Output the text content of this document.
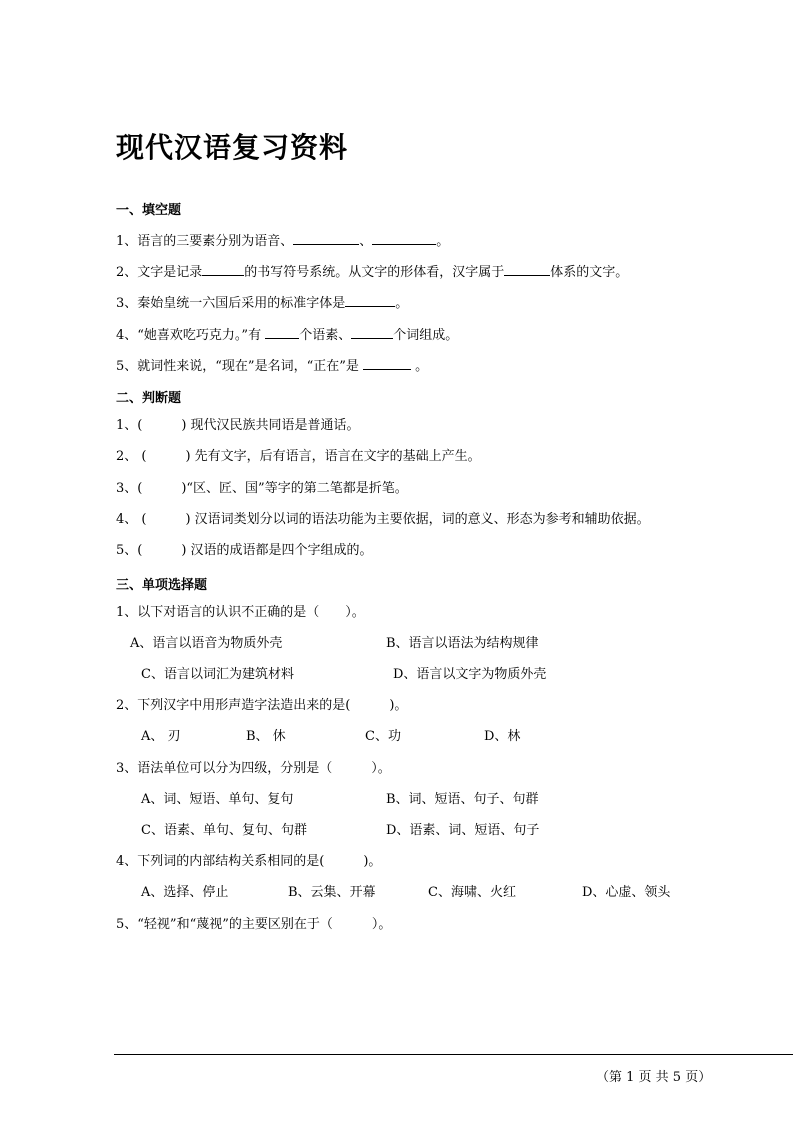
现代汉语复习资料
一、填空题
1、语言的三要素分别为语音、	、	。
2、文字是记录	的书写符号系统。从文字的形体看，汉字属于	体系的文字。
3、秦始皇统一六国后采用的标准字体是	。
4、“她喜欢吃巧克力。”有	个语素、	个词组成。
5、就词性来说，“现在”是名词，“正在”是	。
二、判断题
1、(　　　) 现代汉民族共同语是普通话。
2、 (　　　) 先有文字，后有语言，语言在文字的基础上产生。
3、(　　　)“区、匠、国”等字的第二笔都是折笔。
4、 (　　　) 汉语词类划分以词的语法功能为主要依据，词的意义、形态为参考和辅助依据。
5、(　　　) 汉语的成语都是四个字组成的。
三、单项选择题
1、以下对语言的认识不正确的是（　　）。
A、语言以语音为物质外壳	B、语言以语法为结构规律
C、语言以词汇为建筑材料	D、语言以文字为物质外壳
2、下列汉字中用形声造字法造出来的是(　　　)。
A、 刃	B、 休	C、功	D、林
3、语法单位可以分为四级，分别是（　　　）。
A、词、短语、单句、复句	B、词、短语、句子、句群
C、语素、单句、复句、句群	D、语素、词、短语、句子
4、下列词的内部结构关系相同的是(　　　)。
A、选择、停止	B、云集、开幕	C、海啸、火红	D、心虚、领头
5、“轻视”和“蔑视”的主要区别在于（　　　）。
（第 1 页 共 5 页）
